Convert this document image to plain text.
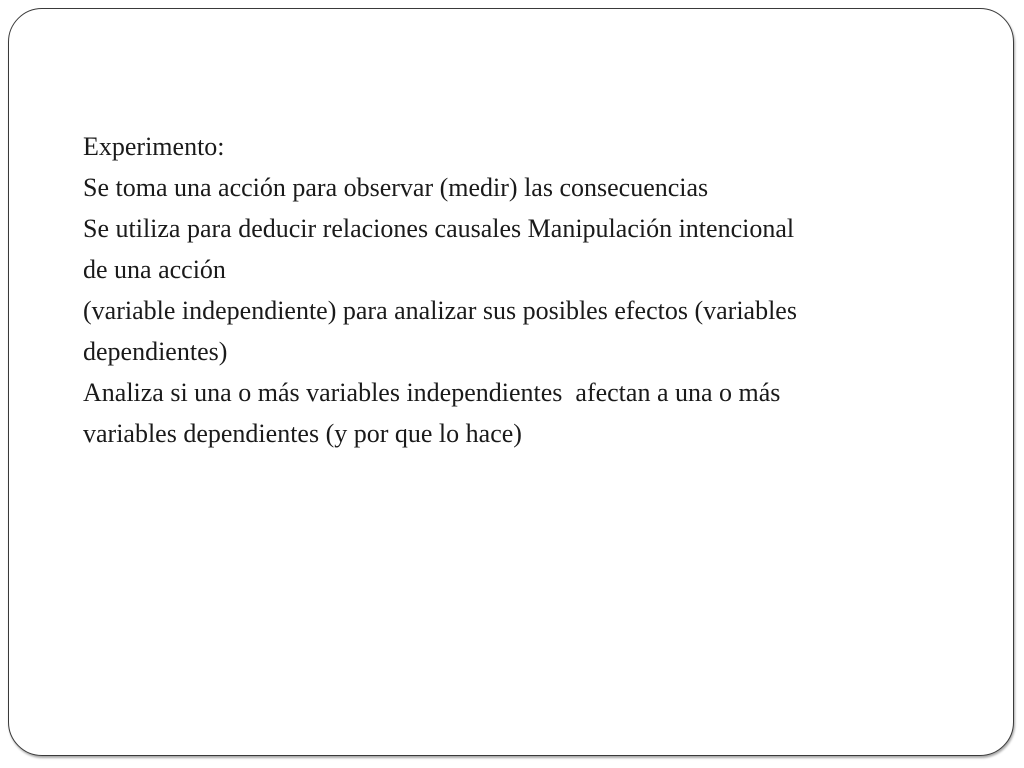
Experimento:
Se toma una acción para observar (medir) las consecuencias
Se utiliza para deducir relaciones causales Manipulación intencional
de una acción
(variable independiente) para analizar sus posibles efectos (variables
dependientes)
Analiza si una o más variables independientes  afectan a una o más
variables dependientes (y por que lo hace)
